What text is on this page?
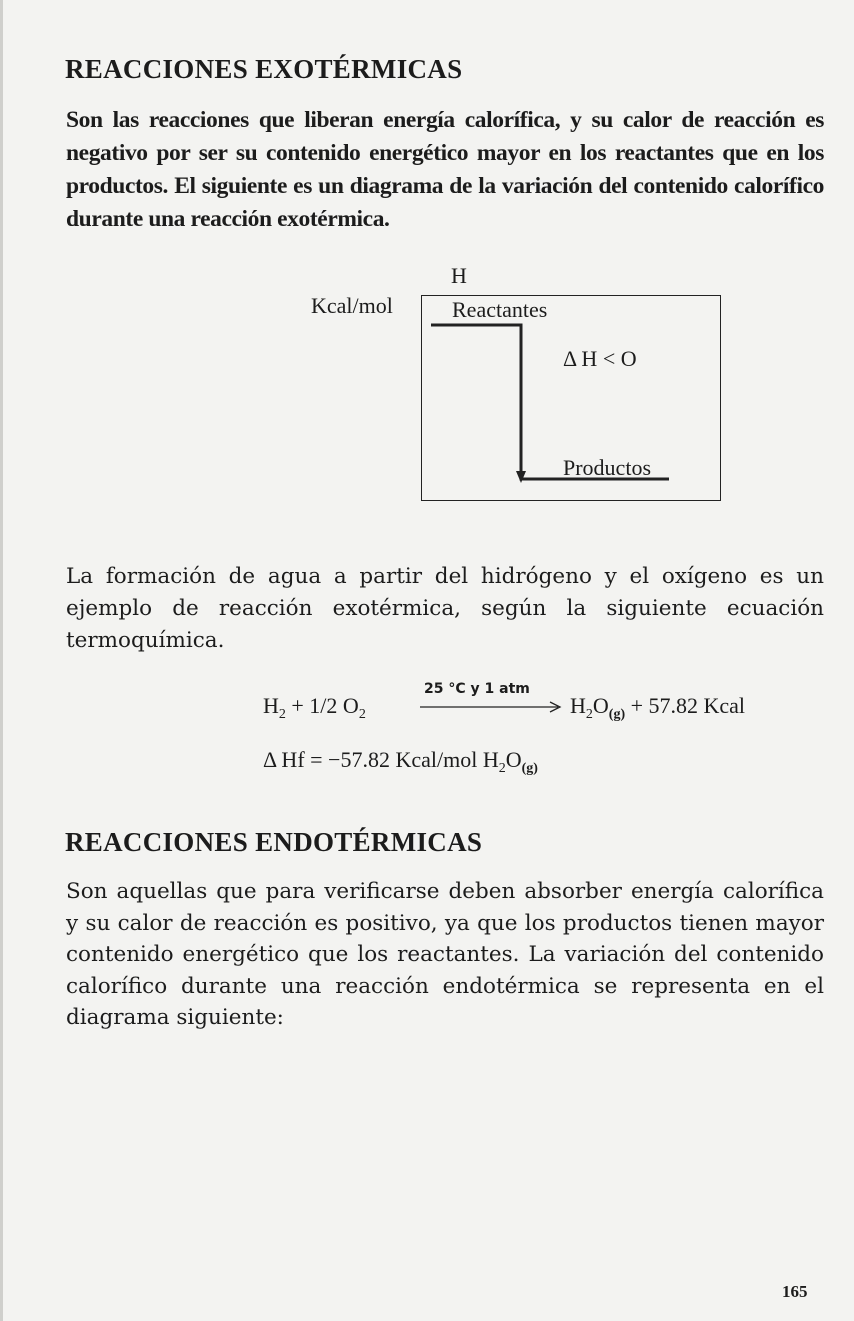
REACCIONES EXOTÉRMICAS

Son las reacciones que liberan energía calorífica, y su calor de reacción es negativo por ser su contenido energético mayor en los reactantes que en los productos. El siguiente es un diagrama de la variación del contenido calorífico durante una reacción exotérmica.

H
Kcal/mol	Reactantes
Δ H < O
Productos

La formación de agua a partir del hidrógeno y el oxígeno es un ejemplo de reacción exotérmica, según la siguiente ecuación termoquímica.

$H_2 + 1/2$ $O_2$
25 °C y 1 atm
$H_2O_{(g)} + 57.82$ Kcal
Δ Hf = −57.82 Kcal/mol $H_2O_{(g)}$
REACCIONES ENDOTÉRMICAS

Son aquellas que para verificarse deben absorber energía calorífica y su calor de reacción es positivo, ya que los productos tienen mayor contenido energético que los reactantes. La variación del contenido calorífico durante una reacción endotérmica se representa en el diagrama siguiente:

165
